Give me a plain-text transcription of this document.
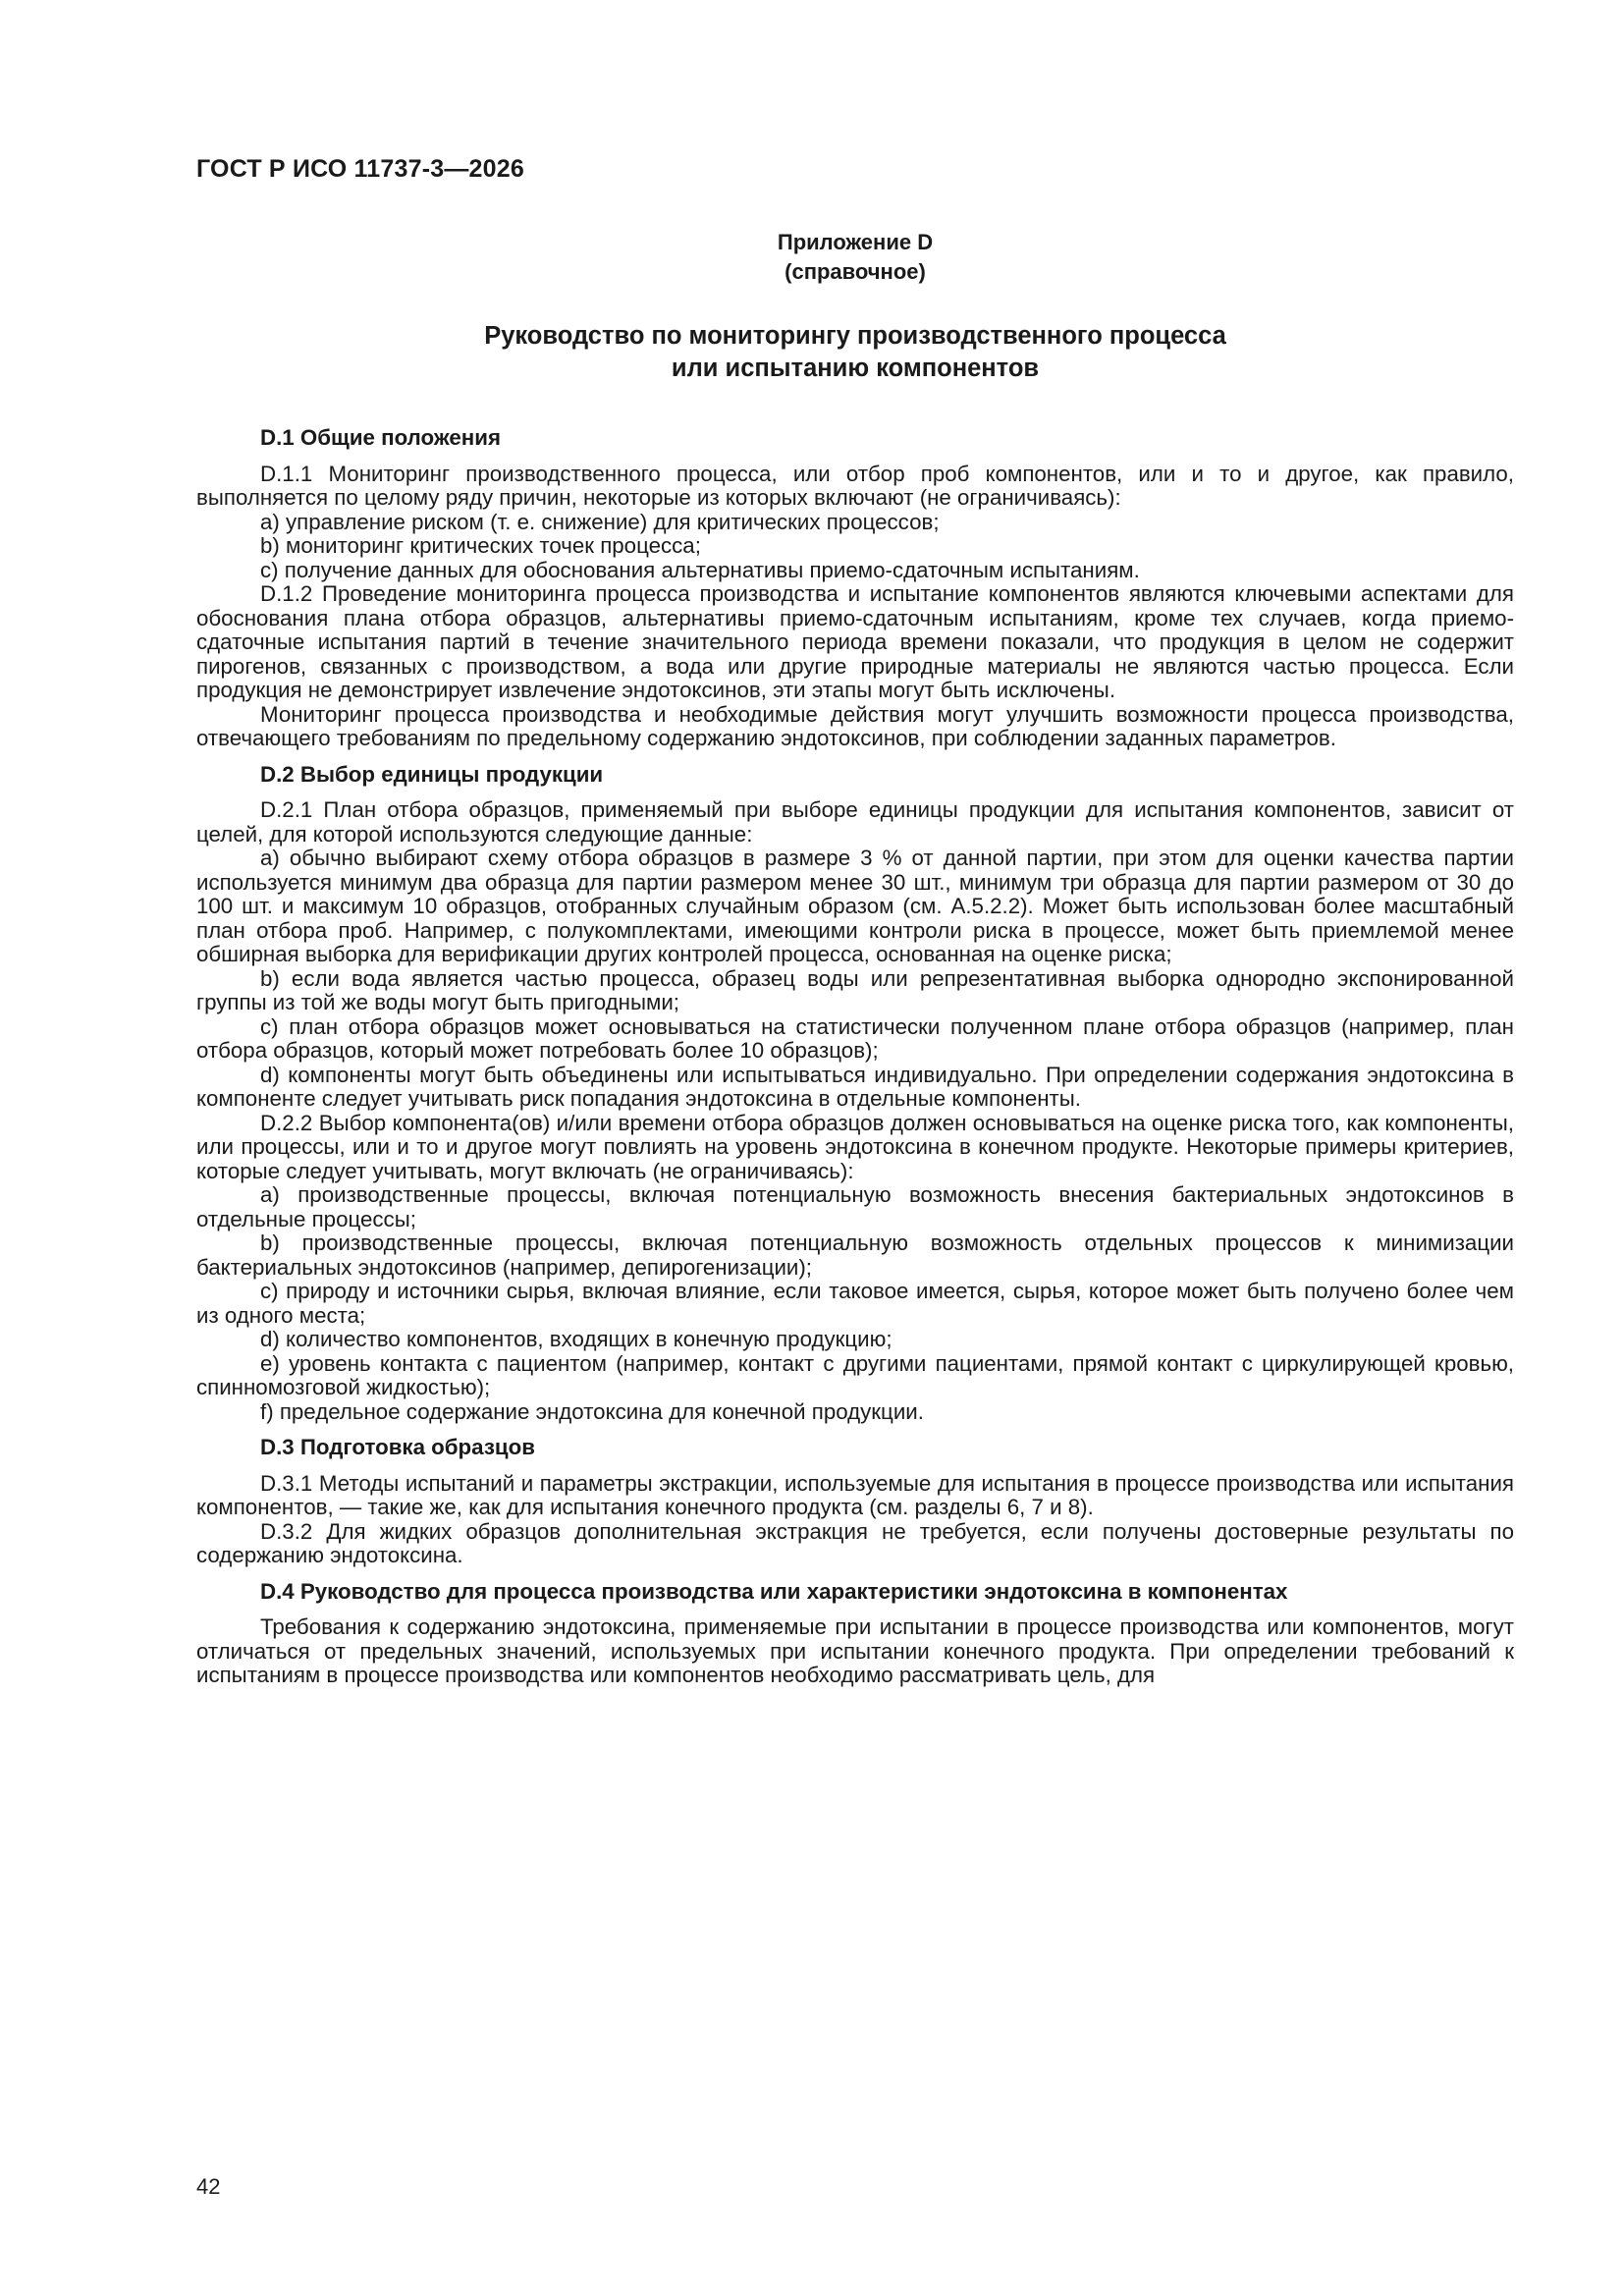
ГОСТ Р ИСО 11737-3—2026
Приложение D
(справочное)
Руководство по мониторингу производственного процесса
или испытанию компонентов
D.1 Общие положения

D.1.1 Мониторинг производственного процесса, или отбор проб компонентов, или и то и другое, как правило, выполняется по целому ряду причин, некоторые из которых включают (не ограничиваясь):

a) управление риском (т. е. снижение) для критических процессов;

b) мониторинг критических точек процесса;

c) получение данных для обоснования альтернативы приемо-сдаточным испытаниям.

D.1.2 Проведение мониторинга процесса производства и испытание компонентов являются ключевыми аспектами для обоснования плана отбора образцов, альтернативы приемо-сдаточным испытаниям, кроме тех случаев, когда приемо-сдаточные испытания партий в течение значительного периода времени показали, что продукция в целом не содержит пирогенов, связанных с производством, а вода или другие природные материалы не являются частью процесса. Если продукция не демонстрирует извлечение эндотоксинов, эти этапы могут быть исключены.

Мониторинг процесса производства и необходимые действия могут улучшить возможности процесса производства, отвечающего требованиям по предельному содержанию эндотоксинов, при соблюдении заданных параметров.

D.2 Выбор единицы продукции

D.2.1 План отбора образцов, применяемый при выборе единицы продукции для испытания компонентов, зависит от целей, для которой используются следующие данные:

a) обычно выбирают схему отбора образцов в размере 3 % от данной партии, при этом для оценки качества партии используется минимум два образца для партии размером менее 30 шт., минимум три образца для партии размером от 30 до 100 шт. и максимум 10 образцов, отобранных случайным образом (см. А.5.2.2). Может быть использован более масштабный план отбора проб. Например, с полукомплектами, имеющими контроли риска в процессе, может быть приемлемой менее обширная выборка для верификации других контролей процесса, основанная на оценке риска;

b) если вода является частью процесса, образец воды или репрезентативная выборка однородно экспонированной группы из той же воды могут быть пригодными;

c) план отбора образцов может основываться на статистически полученном плане отбора образцов (например, план отбора образцов, который может потребовать более 10 образцов);

d) компоненты могут быть объединены или испытываться индивидуально. При определении содержания эндотоксина в компоненте следует учитывать риск попадания эндотоксина в отдельные компоненты.

D.2.2 Выбор компонента(ов) и/или времени отбора образцов должен основываться на оценке риска того, как компоненты, или процессы, или и то и другое могут повлиять на уровень эндотоксина в конечном продукте. Некоторые примеры критериев, которые следует учитывать, могут включать (не ограничиваясь):

a) производственные процессы, включая потенциальную возможность внесения бактериальных эндотоксинов в отдельные процессы;

b) производственные процессы, включая потенциальную возможность отдельных процессов к минимизации бактериальных эндотоксинов (например, депирогенизации);

c) природу и источники сырья, включая влияние, если таковое имеется, сырья, которое может быть получено более чем из одного места;

d) количество компонентов, входящих в конечную продукцию;

e) уровень контакта с пациентом (например, контакт с другими пациентами, прямой контакт с циркулирующей кровью, спинномозговой жидкостью);

f) предельное содержание эндотоксина для конечной продукции.

D.3 Подготовка образцов

D.3.1 Методы испытаний и параметры экстракции, используемые для испытания в процессе производства или испытания компонентов, — такие же, как для испытания конечного продукта (см. разделы 6, 7 и 8).

D.3.2 Для жидких образцов дополнительная экстракция не требуется, если получены достоверные результаты по содержанию эндотоксина.

D.4 Руководство для процесса производства или характеристики эндотоксина в компонентах

Требования к содержанию эндотоксина, применяемые при испытании в процессе производства или компонентов, могут отличаться от предельных значений, используемых при испытании конечного продукта. При определении требований к испытаниям в процессе производства или компонентов необходимо рассматривать цель, для

42
